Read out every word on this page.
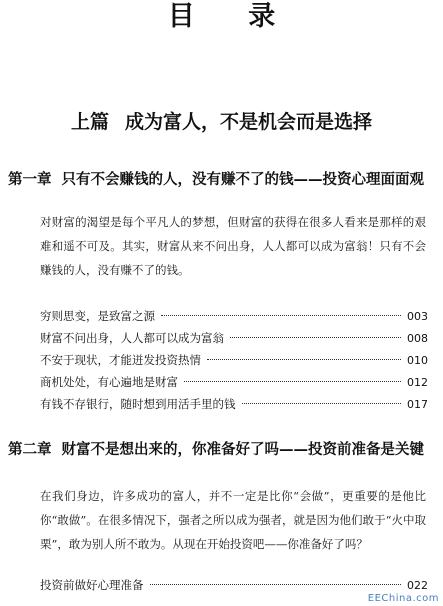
目 录
上篇 成为富人，不是机会而是选择
第一章 只有不会赚钱的人，没有赚不了的钱——投资心理面面观
对财富的渴望是每个平凡人的梦想，但财富的获得在很多人看来是那样的艰难和遥不可及。其实，财富从来不问出身，人人都可以成为富翁！只有不会赚钱的人，没有赚不了的钱。
穷则思变，是致富之源	003
财富不问出身，人人都可以成为富翁	008
不安于现状，才能迸发投资热情	010
商机处处，有心遍地是财富	012
有钱不存银行，随时想到用活手里的钱	017
第二章 财富不是想出来的，你准备好了吗——投资前准备是关键
在我们身边，许多成功的富人，并不一定是比你“会做”，更重要的是他比你“敢做”。在很多情况下，强者之所以成为强者，就是因为他们敢于“火中取栗”，敢为别人所不敢为。从现在开始投资吧——你准备好了吗？
投资前做好心理准备	022
EEChina.com
